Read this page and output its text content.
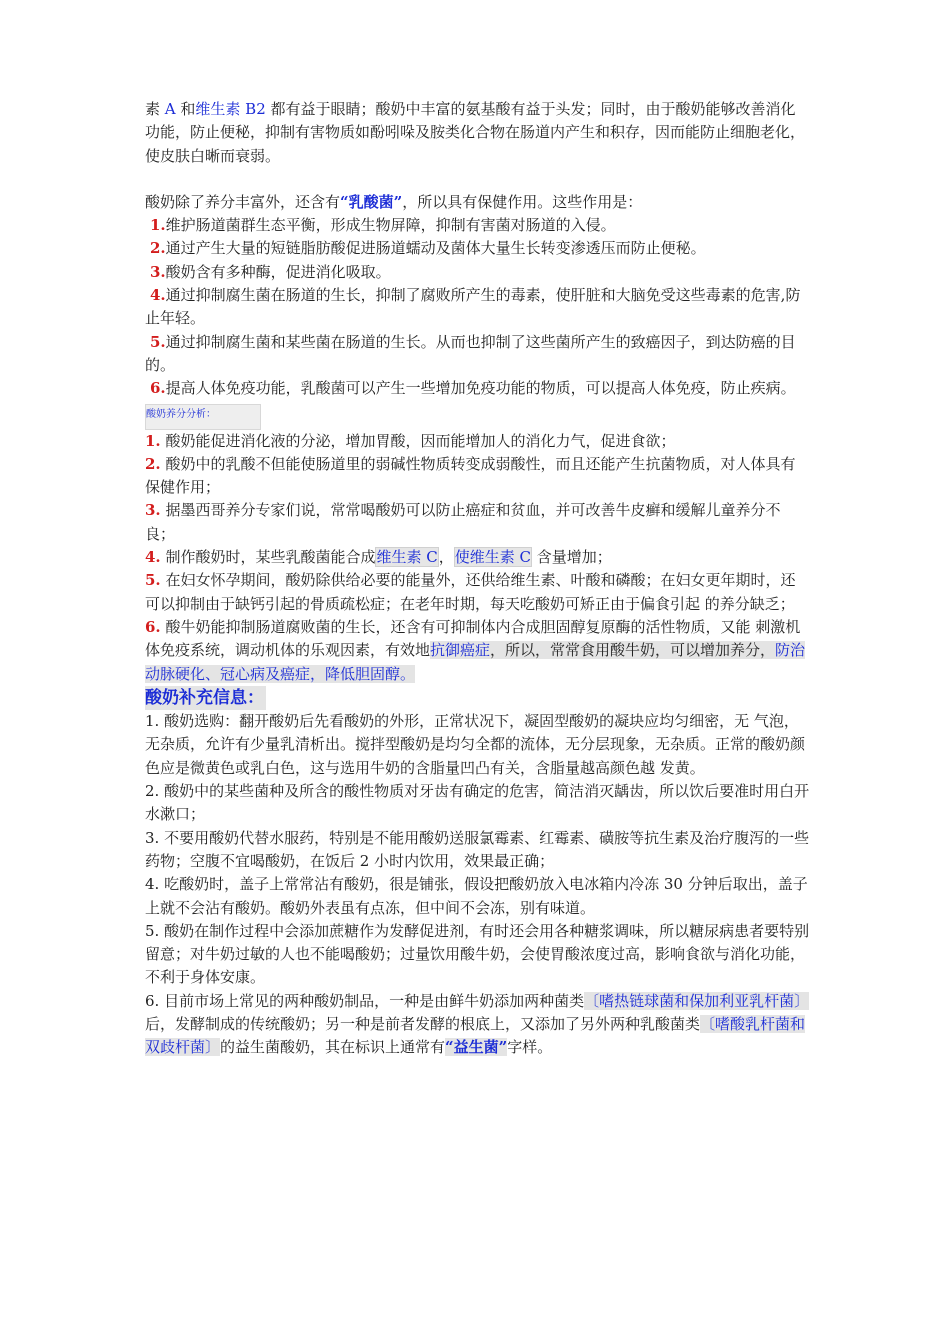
素 A 和维生素 B2 都有益于眼睛；酸奶中丰富的氨基酸有益于头发；同时，由于酸奶能够改善消化功能，防止便秘，抑制有害物质如酚吲哚及胺类化合物在肠道内产生和积存，因而能防止细胞老化，使皮肤白晰而衰弱。

酸奶除了养分丰富外，还含有“乳酸菌”，所以具有保健作用。这些作用是：

1.维护肠道菌群生态平衡，形成生物屏障，抑制有害菌对肠道的入侵。

2.通过产生大量的短链脂肪酸促进肠道蠕动及菌体大量生长转变渗透压而防止便秘。

3.酸奶含有多种酶，促进消化吸取。

4.通过抑制腐生菌在肠道的生长，抑制了腐败所产生的毒素，使肝脏和大脑免受这些毒素的危害,防止年轻。

5.通过抑制腐生菌和某些菌在肠道的生长。从而也抑制了这些菌所产生的致癌因子，到达防癌的目的。

6.提高人体免疫功能，乳酸菌可以产生一些增加免疫功能的物质，可以提高人体免疫，防止疾病。

酸奶养分分析：

1. 酸奶能促进消化液的分泌，增加胃酸，因而能增加人的消化力气，促进食欲；

2. 酸奶中的乳酸不但能使肠道里的弱碱性物质转变成弱酸性，而且还能产生抗菌物质，对人体具有保健作用；

3. 据墨西哥养分专家们说，常常喝酸奶可以防止癌症和贫血，并可改善牛皮癣和缓解儿童养分不良；

4. 制作酸奶时，某些乳酸菌能合成维生素 C，使维生素 C 含量增加；

5. 在妇女怀孕期间，酸奶除供给必要的能量外，还供给维生素、叶酸和磷酸；在妇女更年期时，还可以抑制由于缺钙引起的骨质疏松症；在老年时期，每天吃酸奶可矫正由于偏食引起 的养分缺乏；

6. 酸牛奶能抑制肠道腐败菌的生长，还含有可抑制体内合成胆固醇复原酶的活性物质，又能 刺激机体免疫系统，调动机体的乐观因素，有效地抗御癌症，所以，常常食用酸牛奶，可以增加养分，防治动脉硬化、冠心病及癌症，降低胆固醇。

酸奶补充信息：

1. 酸奶选购：翻开酸奶后先看酸奶的外形，正常状况下，凝固型酸奶的凝块应均匀细密，无 气泡，无杂质，允许有少量乳清析出。搅拌型酸奶是均匀全都的流体，无分层现象，无杂质。正常的酸奶颜色应是微黄色或乳白色，这与选用牛奶的含脂量凹凸有关，含脂量越高颜色越 发黄。

2. 酸奶中的某些菌种及所含的酸性物质对牙齿有确定的危害，简洁消灭龋齿，所以饮后要准时用白开水漱口；

3. 不要用酸奶代替水服药，特别是不能用酸奶送服氯霉素、红霉素、磺胺等抗生素及治疗腹泻的一些药物；空腹不宜喝酸奶，在饭后 2 小时内饮用，效果最正确；

4. 吃酸奶时，盖子上常常沾有酸奶，很是铺张，假设把酸奶放入电冰箱内冷冻 30 分钟后取出，盖子上就不会沾有酸奶。酸奶外表虽有点冻，但中间不会冻，别有味道。

5. 酸奶在制作过程中会添加蔗糖作为发酵促进剂，有时还会用各种糖浆调味，所以糖尿病患者要特别留意；对牛奶过敏的人也不能喝酸奶；过量饮用酸牛奶，会使胃酸浓度过高，影响食欲与消化功能，不利于身体安康。

6. 目前市场上常见的两种酸奶制品，一种是由鲜牛奶添加两种菌类〔嗜热链球菌和保加利亚乳杆菌〕后，发酵制成的传统酸奶；另一种是前者发酵的根底上，又添加了另外两种乳酸菌类〔嗜酸乳杆菌和双歧杆菌〕的益生菌酸奶，其在标识上通常有“益生菌”字样。
